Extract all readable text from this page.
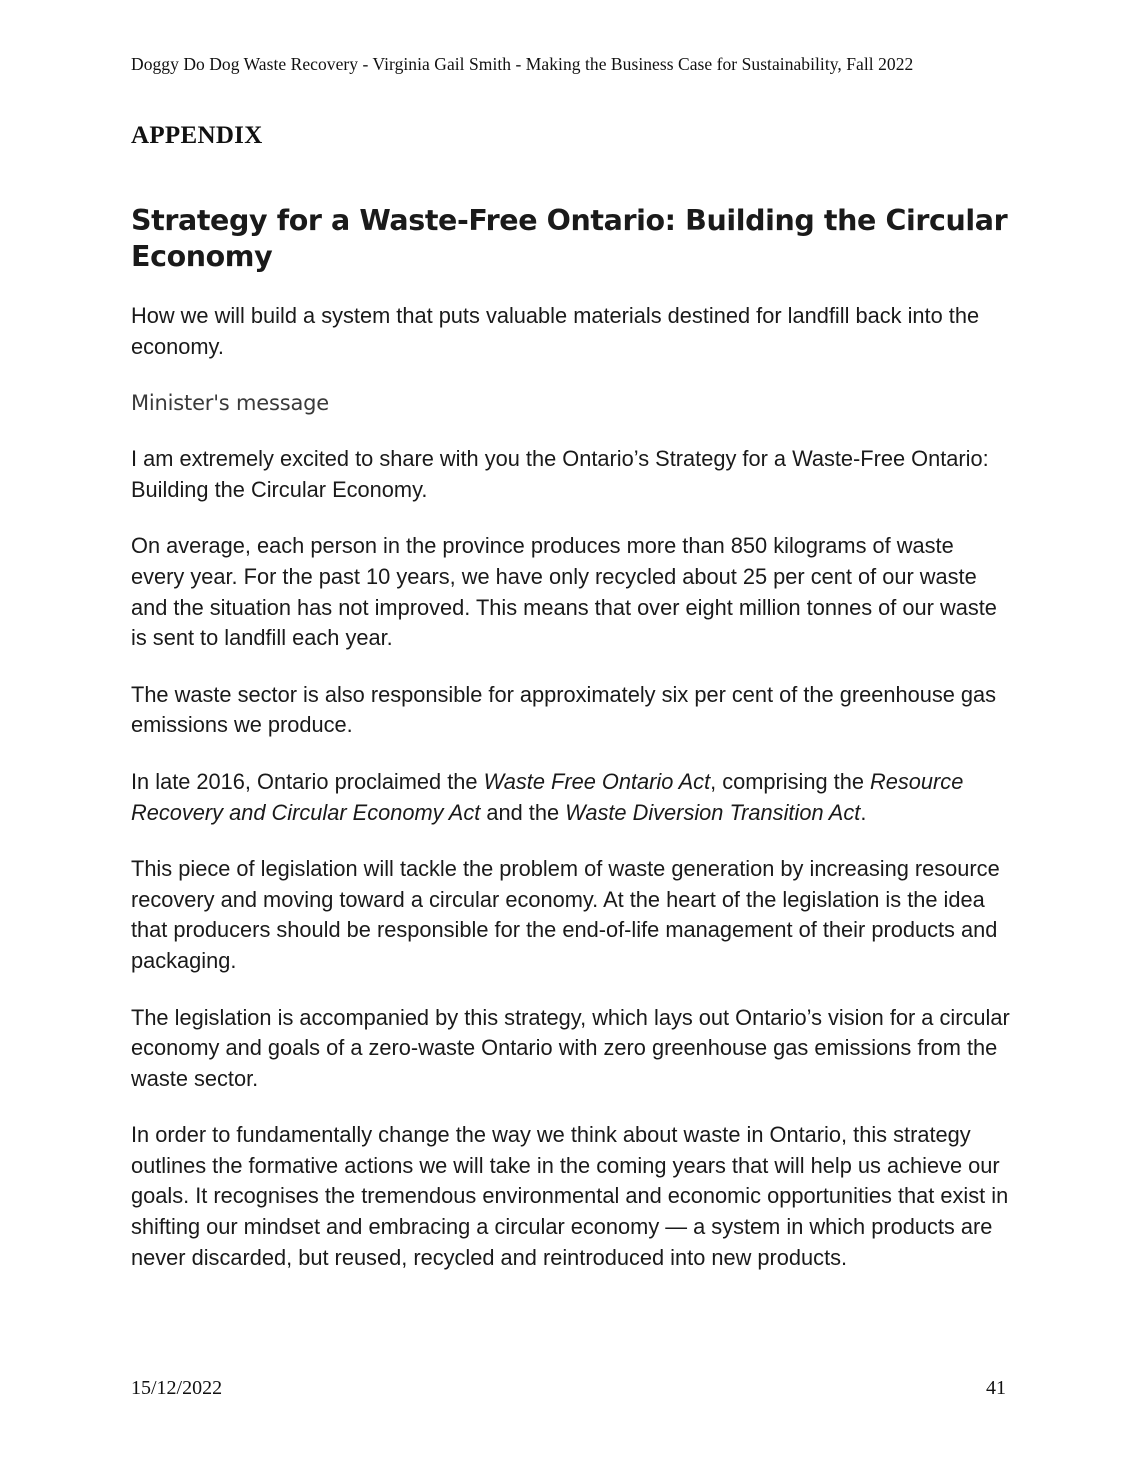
Doggy Do Dog Waste Recovery - Virginia Gail Smith - Making the Business Case for Sustainability, Fall 2022
APPENDIX
Strategy for a Waste-Free Ontario: Building the Circular Economy

How we will build a system that puts valuable materials destined for landfill back into the economy.

Minister's message

I am extremely excited to share with you the Ontario’s Strategy for a Waste-Free Ontario: Building the Circular Economy.

On average, each person in the province produces more than 850 kilograms of waste every year. For the past 10 years, we have only recycled about 25 per cent of our waste and the situation has not improved. This means that over eight million tonnes of our waste is sent to landfill each year.

The waste sector is also responsible for approximately six per cent of the greenhouse gas emissions we produce.

In late 2016, Ontario proclaimed the Waste Free Ontario Act, comprising the Resource Recovery and Circular Economy Act and the Waste Diversion Transition Act.

This piece of legislation will tackle the problem of waste generation by increasing resource recovery and moving toward a circular economy. At the heart of the legislation is the idea that producers should be responsible for the end-of-life management of their products and packaging.

The legislation is accompanied by this strategy, which lays out Ontario’s vision for a circular economy and goals of a zero-waste Ontario with zero greenhouse gas emissions from the waste sector.

In order to fundamentally change the way we think about waste in Ontario, this strategy outlines the formative actions we will take in the coming years that will help us achieve our goals. It recognises the tremendous environmental and economic opportunities that exist in shifting our mindset and embracing a circular economy — a system in which products are never discarded, but reused, recycled and reintroduced into new products.

15/12/2022	41
